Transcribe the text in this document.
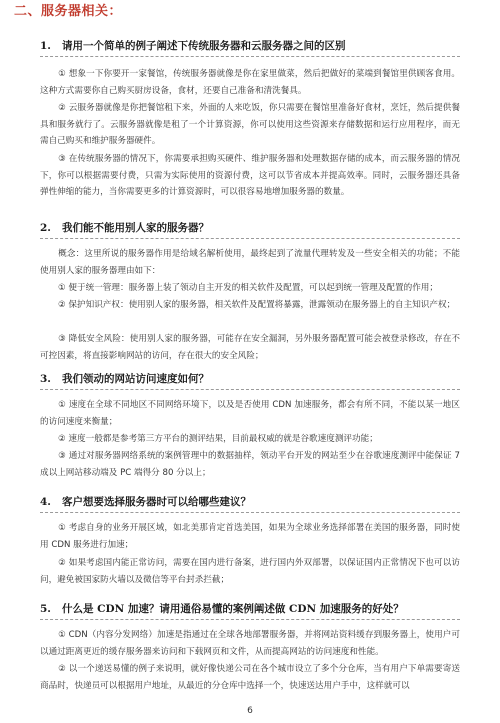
二、服务器相关：
1. 请用一个简单的例子阐述下传统服务器和云服务器之间的区别
① 想象一下你要开一家餐馆，传统服务器就像是你在家里做菜，然后把做好的菜端到餐馆里供顾客食用。这种方式需要你自己购买厨房设备，食材，还要自己准备和清洗餐具。
② 云服务器就像是你把餐馆租下来，外面的人来吃饭，你只需要在餐馆里准备好食材，烹饪，然后提供餐具和服务就行了。云服务器就像是租了一个计算资源，你可以使用这些资源来存储数据和运行应用程序，而无需自己购买和维护服务器硬件。
③ 在传统服务器的情况下，你需要承担购买硬件、维护服务器和处理数据存储的成本，而云服务器的情况下，你可以根据需要付费，只需为实际使用的资源付费，这可以节省成本并提高效率。同时，云服务器还具备弹性伸缩的能力，当你需要更多的计算资源时，可以很容易地增加服务器的数量。
2. 我们能不能用别人家的服务器？
概念：这里所说的服务器作用是给域名解析使用，最终起到了流量代理转发及一些安全相关的功能；不能使用别人家的服务器理由如下：
① 便于统一管理：服务器上装了领动自主开发的相关软件及配置，可以起到统一管理及配置的作用；
② 保护知识产权：使用别人家的服务器，相关软件及配置将暴露，泄露领动在服务器上的自主知识产权；
③ 降低安全风险：使用别人家的服务器，可能存在安全漏洞，另外服务器配置可能会被登录修改，存在不可控因素，将直接影响网站的访问，存在很大的安全风险；
3. 我们领动的网站访问速度如何？
① 速度在全球不同地区不同网络环境下，以及是否使用 CDN 加速服务，都会有所不同，不能以某一地区的访问速度来衡量；
② 速度一般都是参考第三方平台的测评结果，目前最权威的就是谷歌速度测评功能；
③ 通过对服务器网络系统的案例管理中的数据抽样，领动平台开发的网站至少在谷歌速度测评中能保证 7 成以上网站移动端及 PC 端得分 80 分以上；
4. 客户想要选择服务器时可以给哪些建议？
① 考虑自身的业务开展区域，如北美那肯定首选美国，如果为全球业务选择部署在美国的服务器，同时使用 CDN 服务进行加速；
② 如果考虑国内能正常访问，需要在国内进行备案，进行国内外双部署，以保证国内正常情况下也可以访问，避免被国家防火墙以及微信等平台封杀拦截；
5. 什么是 CDN 加速？请用通俗易懂的案例阐述做 CDN 加速服务的好处？
① CDN（内容分发网络）加速是指通过在全球各地部署服务器，并将网站资料缓存到服务器上，使用户可以通过距离更近的缓存服务器来访问和下载网页和文件，从而提高网站的访问速度和性能。
② 以一个递送易懂的例子来说明，就好像快递公司在各个城市设立了多个分仓库，当有用户下单需要寄送商品时，快递员可以根据用户地址，从最近的分仓库中选择一个，快速送达用户手中，这样就可以
6
